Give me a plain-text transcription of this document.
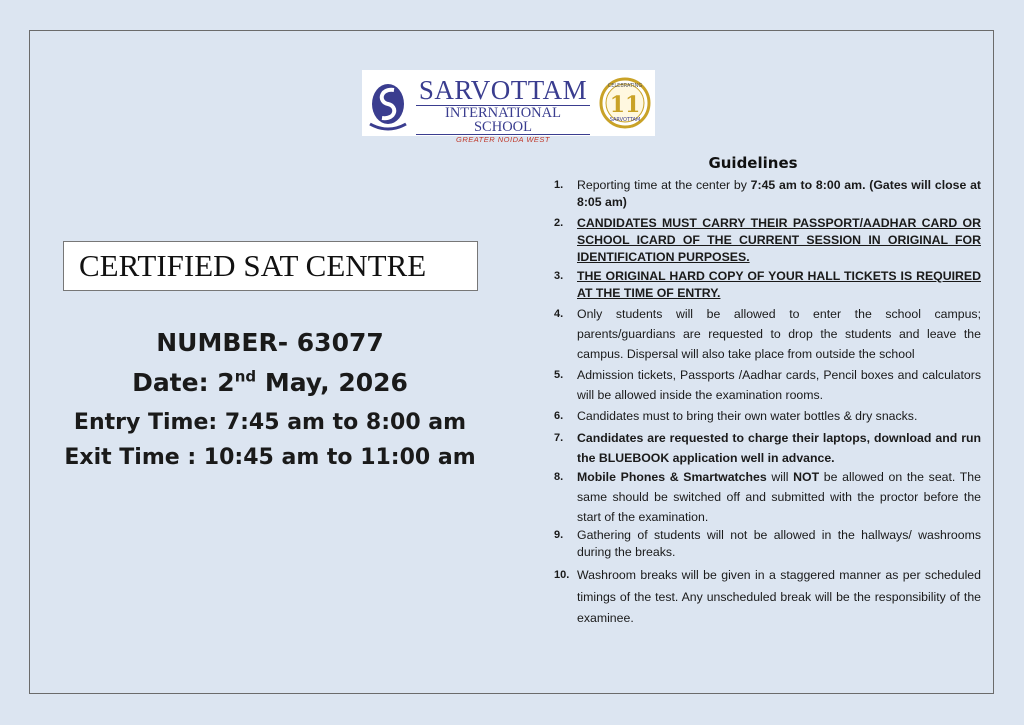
SARVOTTAM
INTERNATIONAL SCHOOL
GREATER NOIDA WEST
CELEBRATING
11
SARVOTTAM
CERTIFIED SAT CENTRE
NUMBER- 63077
Date: 2nd May, 2026
Entry Time: 7:45 am to 8:00 am
Exit Time : 10:45 am to 11:00 am
Guidelines
1.	Reporting time at the center by 7:45 am to 8:00 am. (Gates will close at 8:05 am)
2.	CANDIDATES MUST CARRY THEIR PASSPORT/AADHAR CARD OR SCHOOL ICARD OF THE CURRENT SESSION IN ORIGINAL FOR IDENTIFICATION PURPOSES.
3.	THE ORIGINAL HARD COPY OF YOUR HALL TICKETS IS REQUIRED AT THE TIME OF ENTRY.
4.	Only students will be allowed to enter the school campus; parents/guardians are requested to drop the students and leave the campus. Dispersal will also take place from outside the school
5.	Admission tickets, Passports /Aadhar cards, Pencil boxes and calculators will be allowed inside the examination rooms.
6.	Candidates must to bring their own water bottles & dry snacks.
7.	Candidates are requested to charge their laptops, download and run the BLUEBOOK application well in advance.
8.	Mobile Phones & Smartwatches will NOT be allowed on the seat. The same should be switched off and submitted with the proctor before the start of the examination.
9.	Gathering of students will not be allowed in the hallways/ washrooms during the breaks.
10. Washroom breaks will be given in a staggered manner as per scheduled timings of the test. Any unscheduled break will be the responsibility of the examinee.
